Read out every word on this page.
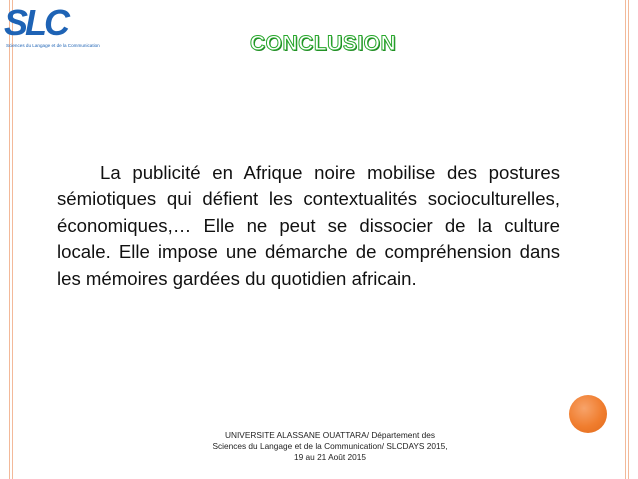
SLC
Sciences du Langage et de la Communication	CONCLUSION

La publicité en Afrique noire mobilise des postures sémiotiques qui défient les contextualités socioculturelles, économiques,… Elle ne peut se dissocier de la culture locale. Elle impose une démarche de compréhension dans les mémoires gardées du quotidien africain.

UNIVERSITE ALASSANE OUATTARA/ Département des
Sciences du Langage et de la Communication/ SLCDAYS 2015,
19 au 21 Août 2015
